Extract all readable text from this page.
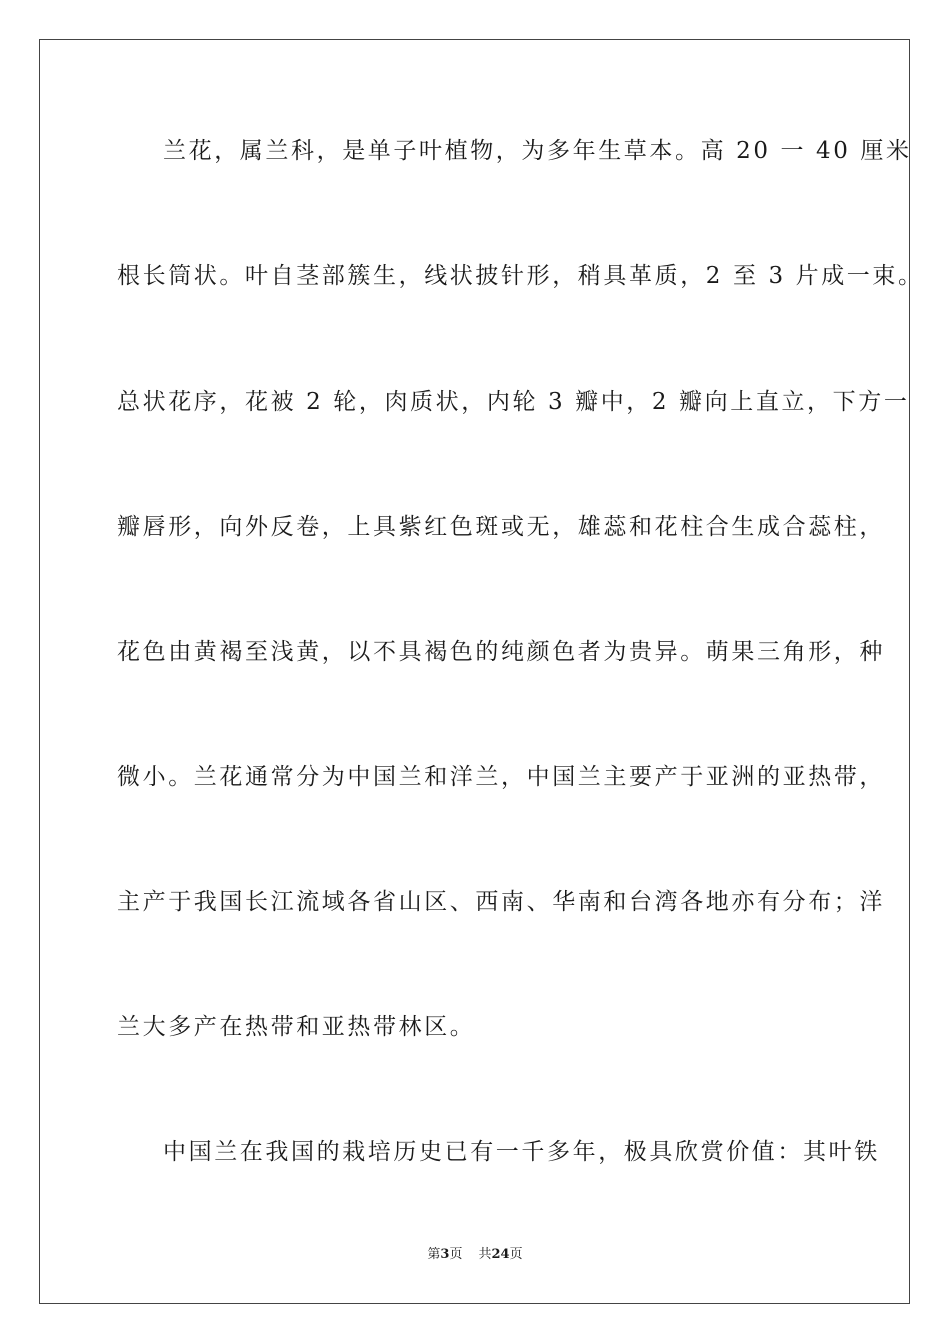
兰花，属兰科，是单子叶植物，为多年生草本。高 20 一 40 厘米
根长筒状。叶自茎部簇生，线状披针形，稍具革质，2 至 3 片成一束。
总状花序，花被 2 轮，肉质状，内轮 3 瓣中，2 瓣向上直立，下方一
瓣唇形，向外反卷，上具紫红色斑或无，雄蕊和花柱合生成合蕊柱，
花色由黄褐至浅黄，以不具褐色的纯颜色者为贵异。萌果三角形，种
微小。兰花通常分为中国兰和洋兰，中国兰主要产于亚洲的亚热带，
主产于我国长江流域各省山区、西南、华南和台湾各地亦有分布；洋
兰大多产在热带和亚热带林区。
中国兰在我国的栽培历史已有一千多年，极具欣赏价值：其叶铁
第3页 共24页
